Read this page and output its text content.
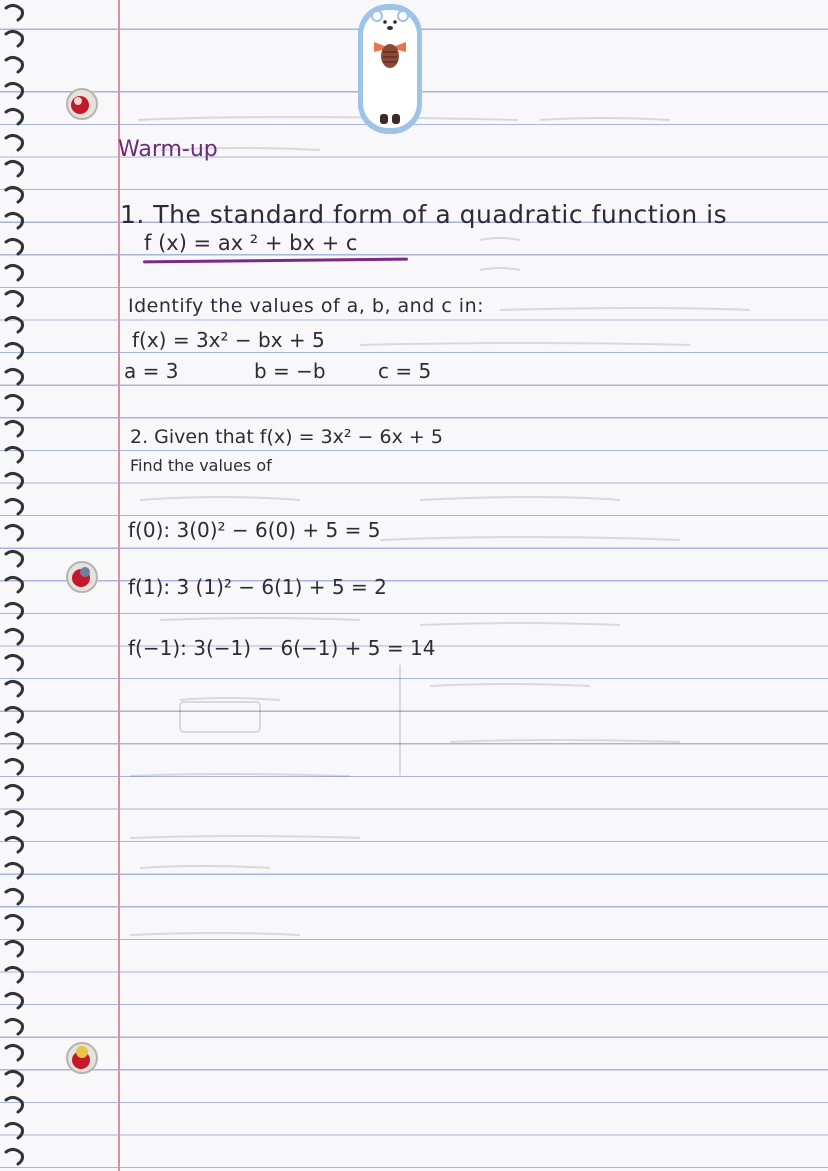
Warm-up
1. The standard form of a quadratic function is
f (x) = ax ² + bx + c
Identify the values of a, b, and c in:
f(x) = 3x² − bx + 5
a = 3	b = −b	c = 5
2. Given that f(x) = 3x² − 6x + 5
Find the values of
f(0): 3(0)² − 6(0) + 5 = 5
f(1): 3 (1)² − 6(1) + 5 = 2
f(−1): 3(−1) − 6(−1) + 5 = 14
